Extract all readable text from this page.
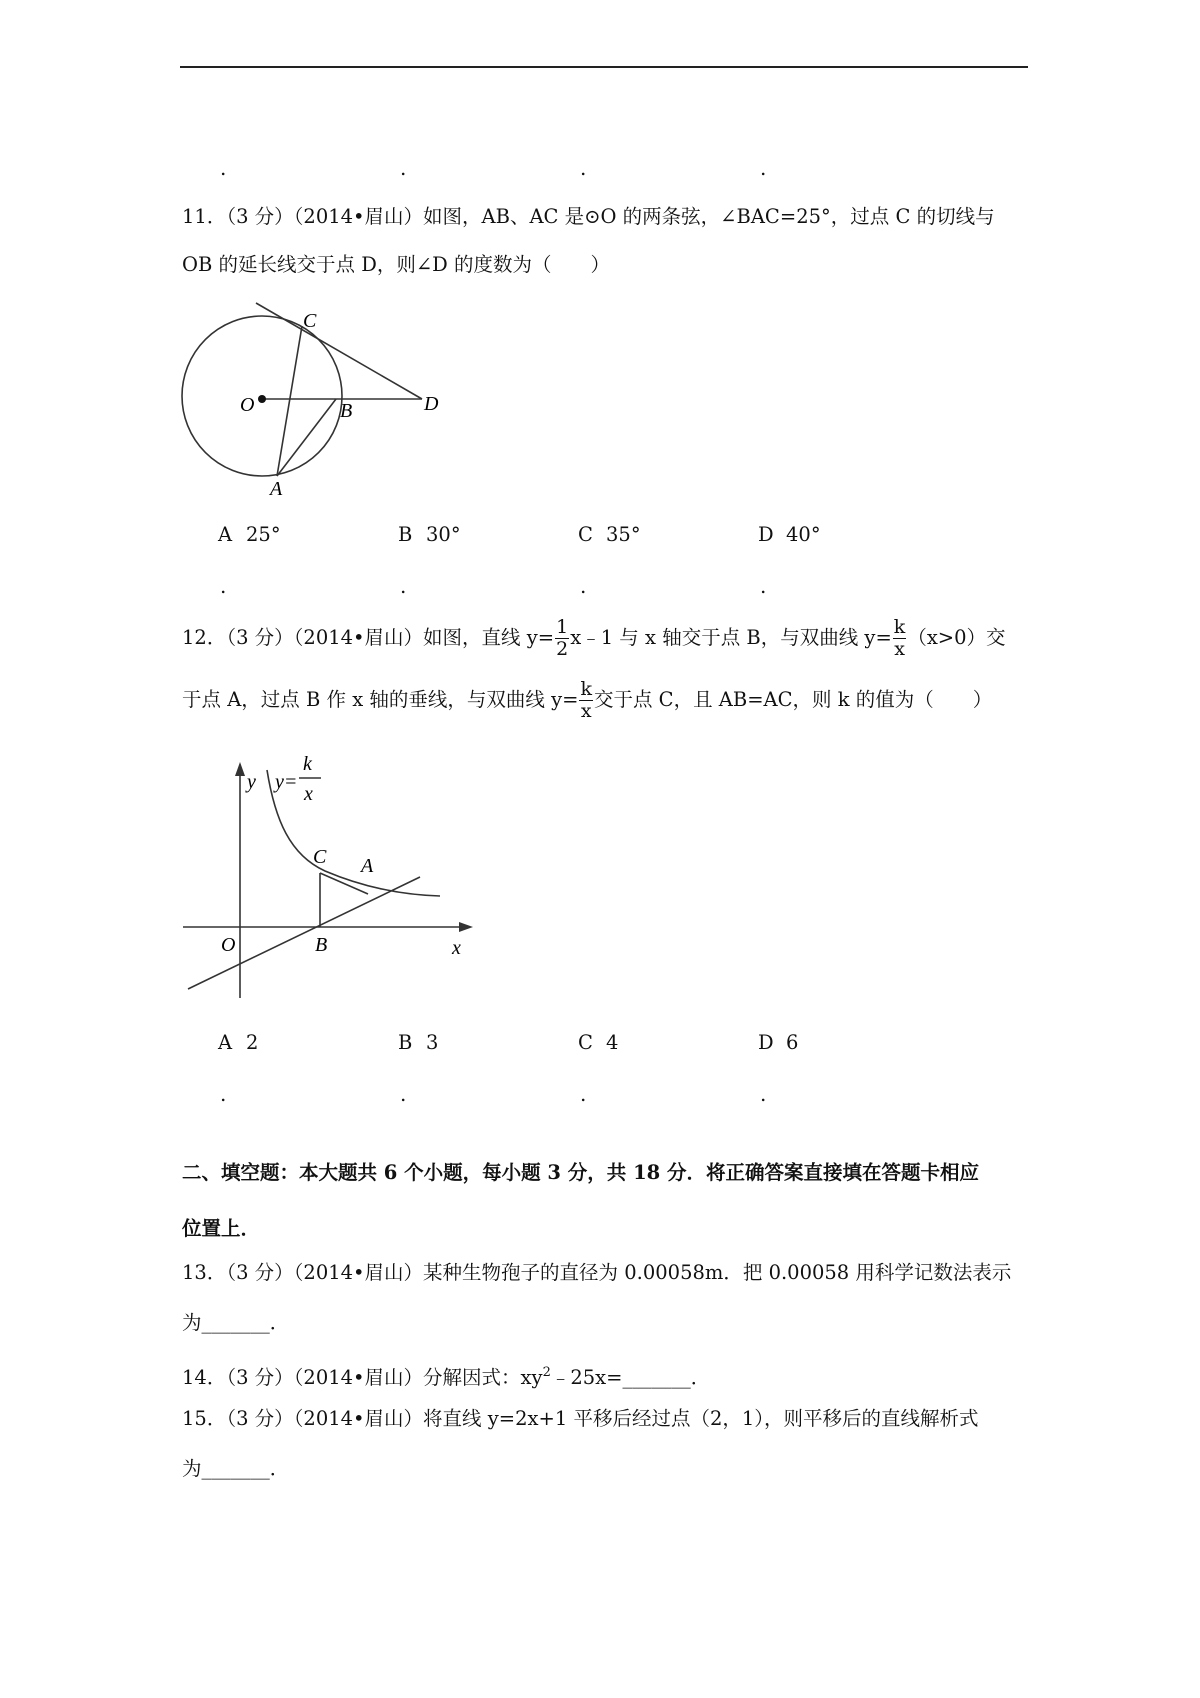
.	.	.	.
11．（3 分）（2014•眉山）如图，AB、AC 是⊙O 的两条弦，∠BAC=25°，过点 C 的切线与
OB 的延长线交于点 D，则∠D 的度数为（　　）
C
O	B	D
A
A 25°	B 30°	C 35°	D 40°
.	.	.	.
12．（3 分）（2014•眉山）如图，直线 $y= \frac{1}{2}$ x﹣1 与 x 轴交于点 B，与双曲线 $y= \frac{k}{x} (x>0)$交
于点 A，过点 B 作 x 轴的垂线，与双曲线 $y= \frac{k}{x}$ 交于点 C，且 AB=AC，则 k 的值为（　　）
y y=
k
x
C A
O	B	x
A 2	B 3	C 4	D 6
.	.	.	.
二、填空题：本大题共 6 个小题，每小题 3 分，共 18 分．将正确答案直接填在答题卡相应
位置上．
13．（3 分）（2014•眉山）某种生物孢子的直径为 0.00058m．把 0.00058 用科学记数法表示
为_______．
14．（3 分）（2014•眉山）分解因式：$xy^2﹣25x=\_\_\_\_\_\_\_$．
15．（3 分）（2014•眉山）将直线 y=2x+1 平移后经过点（2，1），则平移后的直线解析式
为_______．
